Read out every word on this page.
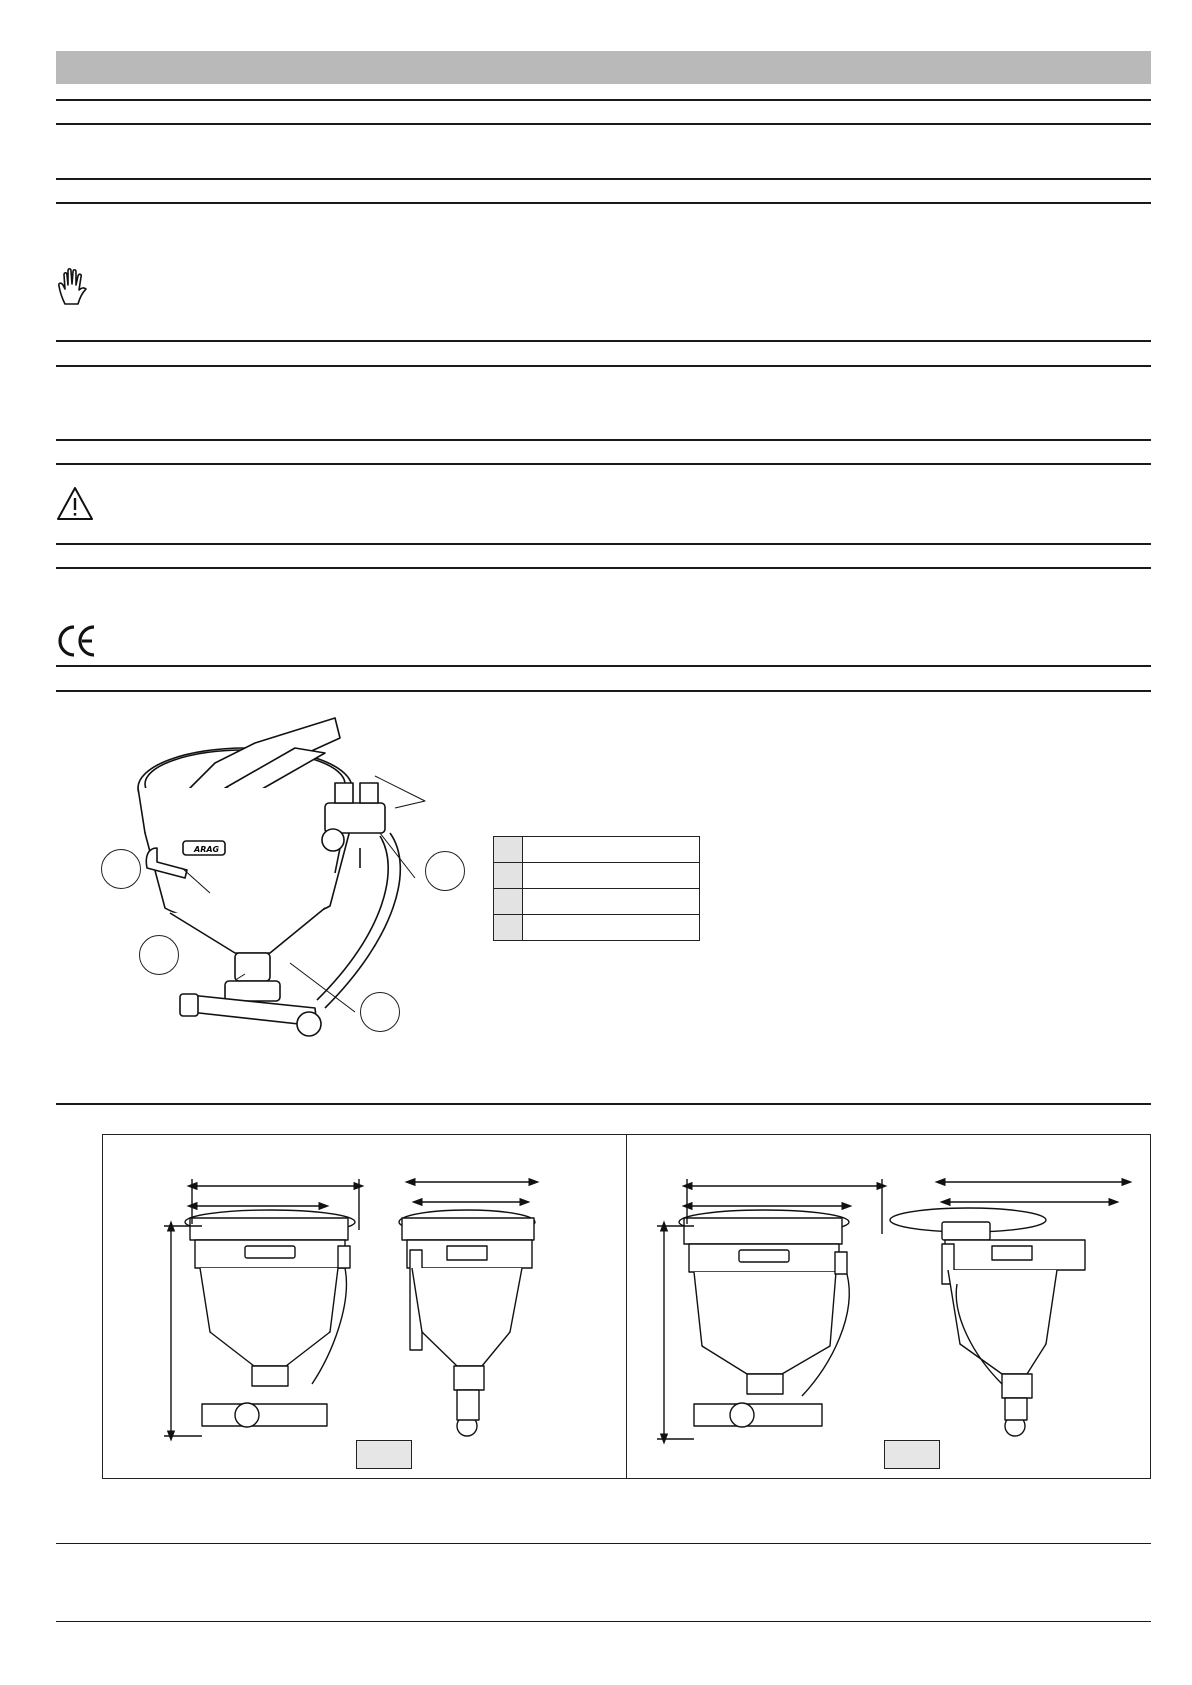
ARAG
